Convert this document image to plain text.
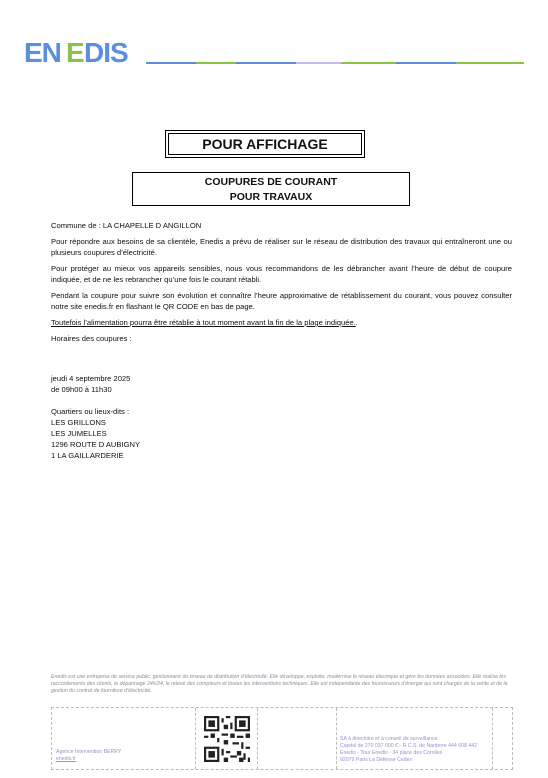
EN E DIS
POUR AFFICHAGE
COUPURES DE COURANT
POUR TRAVAUX

Commune de : LA CHAPELLE D ANGILLON

Pour répondre aux besoins de sa clientèle, Enedis a prévu de réaliser sur le réseau de distribution des travaux qui entraîneront une ou plusieurs coupures d’électricité.

Pour protéger au mieux vos appareils sensibles, nous vous recommandons de les débrancher avant l’heure de début de coupure indiquée, et de ne les rebrancher qu’une fois le courant rétabli.

Pendant la coupure pour suivre son évolution et connaître l’heure approximative de rétablissement du courant, vous pouvez consulter notre site enedis.fr en flashant le QR CODE en bas de page.

Toutefois l’alimentation pourra être rétablie à tout moment avant la fin de la plage indiquée..

Horaires des coupures :

jeudi 4 septembre 2025
de 09h00 à 11h30
Quartiers ou lieux-dits :
LES GRILLONS
LES JUMELLES
1296 ROUTE D AUBIGNY
1 LA GAILLARDERIE
Enedis est une entreprise de service public, gestionnaire du réseau de distribution d’électricité. Elle développe, exploite, modernise le réseau électrique et gère les données associées. Elle réalise les raccordements des clients, le dépannage 24h/24, le relevé des compteurs et toutes les interventions techniques. Elle est indépendante des fournisseurs d’énergie qui sont chargés de la vente et de la gestion du contrat de fourniture d’électricité.
Agence Intervention BERRY
enedis.fr
SA à directoire et à conseil de surveillance
Capital de 270 037 000 € - R.C.S. de Nanterre 444 608 442
Enedis - Tour Enedis - 34 place des Corolles
92079 Paris La Défense Cedex
